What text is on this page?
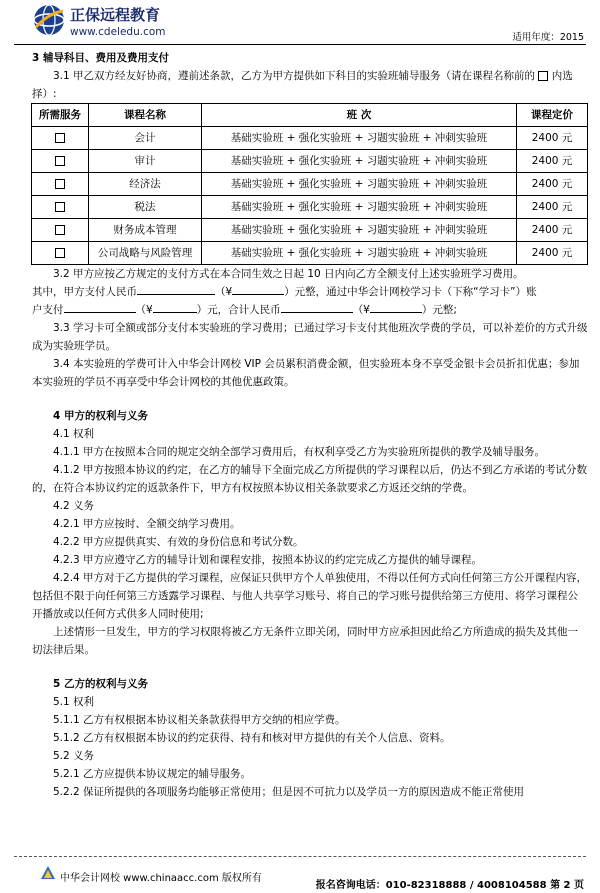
正保远程教育
www.cdeledu.com	适用年度：2015

3 辅导科目、费用及费用支付

3.1 甲乙双方经友好协商，遵前述条款，乙方为甲方提供如下科目的实验班辅导服务（请在课程名称前的 内选择）:

所需服务	课程名称	班 次	课程定价
	会计	基础实验班 + 强化实验班 + 习题实验班 + 冲刺实验班	2400 元
	审计	基础实验班 + 强化实验班 + 习题实验班 + 冲刺实验班	2400 元
	经济法	基础实验班 + 强化实验班 + 习题实验班 + 冲刺实验班	2400 元
	税法	基础实验班 + 强化实验班 + 习题实验班 + 冲刺实验班	2400 元
	财务成本管理	基础实验班 + 强化实验班 + 习题实验班 + 冲刺实验班	2400 元
	公司战略与风险管理	基础实验班 + 强化实验班 + 习题实验班 + 冲刺实验班	2400 元

3.2 甲方应按乙方规定的支付方式在本合同生效之日起 10 日内向乙方全额支付上述实验班学习费用。

其中，甲方支付人民币	（¥	）元整，通过中华会计网校学习卡（下称“学习卡”）账

户支付	（¥	）元，合计人民币	（¥	）元整;

3.3 学习卡可全额或部分支付本实验班的学习费用；已通过学习卡支付其他班次学费的学员，可以补差价的方式升级成为实验班学员。

3.4 本实验班的学费可计入中华会计网校 VIP 会员累积消费金额，但实验班本身不享受金银卡会员折扣优惠；参加本实验班的学员不再享受中华会计网校的其他优惠政策。

4 甲方的权利与义务

4.1 权利

4.1.1 甲方在按照本合同的规定交纳全部学习费用后，有权利享受乙方为实验班所提供的教学及辅导服务。

4.1.2 甲方按照本协议的约定，在乙方的辅导下全面完成乙方所提供的学习课程以后，仍达不到乙方承诺的考试分数的，在符合本协议约定的返款条件下，甲方有权按照本协议相关条款要求乙方返还交纳的学费。

4.2 义务

4.2.1 甲方应按时、全额交纳学习费用。

4.2.2 甲方应提供真实、有效的身份信息和考试分数。

4.2.3 甲方应遵守乙方的辅导计划和课程安排，按照本协议的约定完成乙方提供的辅导课程。

4.2.4 甲方对于乙方提供的学习课程，应保证只供甲方个人单独使用，不得以任何方式向任何第三方公开课程内容，包括但不限于向任何第三方透露学习课程、与他人共享学习账号、将自己的学习账号提供给第三方使用、将学习课程公开播放或以任何方式供多人同时使用;

上述情形一旦发生，甲方的学习权限将被乙方无条件立即关闭，同时甲方应承担因此给乙方所造成的损失及其他一切法律后果。

5 乙方的权利与义务

5.1 权利

5.1.1 乙方有权根据本协议相关条款获得甲方交纳的相应学费。

5.1.2 乙方有权根据本协议的约定获得、持有和核对甲方提供的有关个人信息、资料。

5.2 义务

5.2.1 乙方应提供本协议规定的辅导服务。

5.2.2 保证所提供的各项服务均能够正常使用；但是因不可抗力以及学员一方的原因造成不能正常使用

中华会计网校 www.chinaacc.com 版权所有
报名咨询电话：010-82318888 / 4008104588 第 2 页
